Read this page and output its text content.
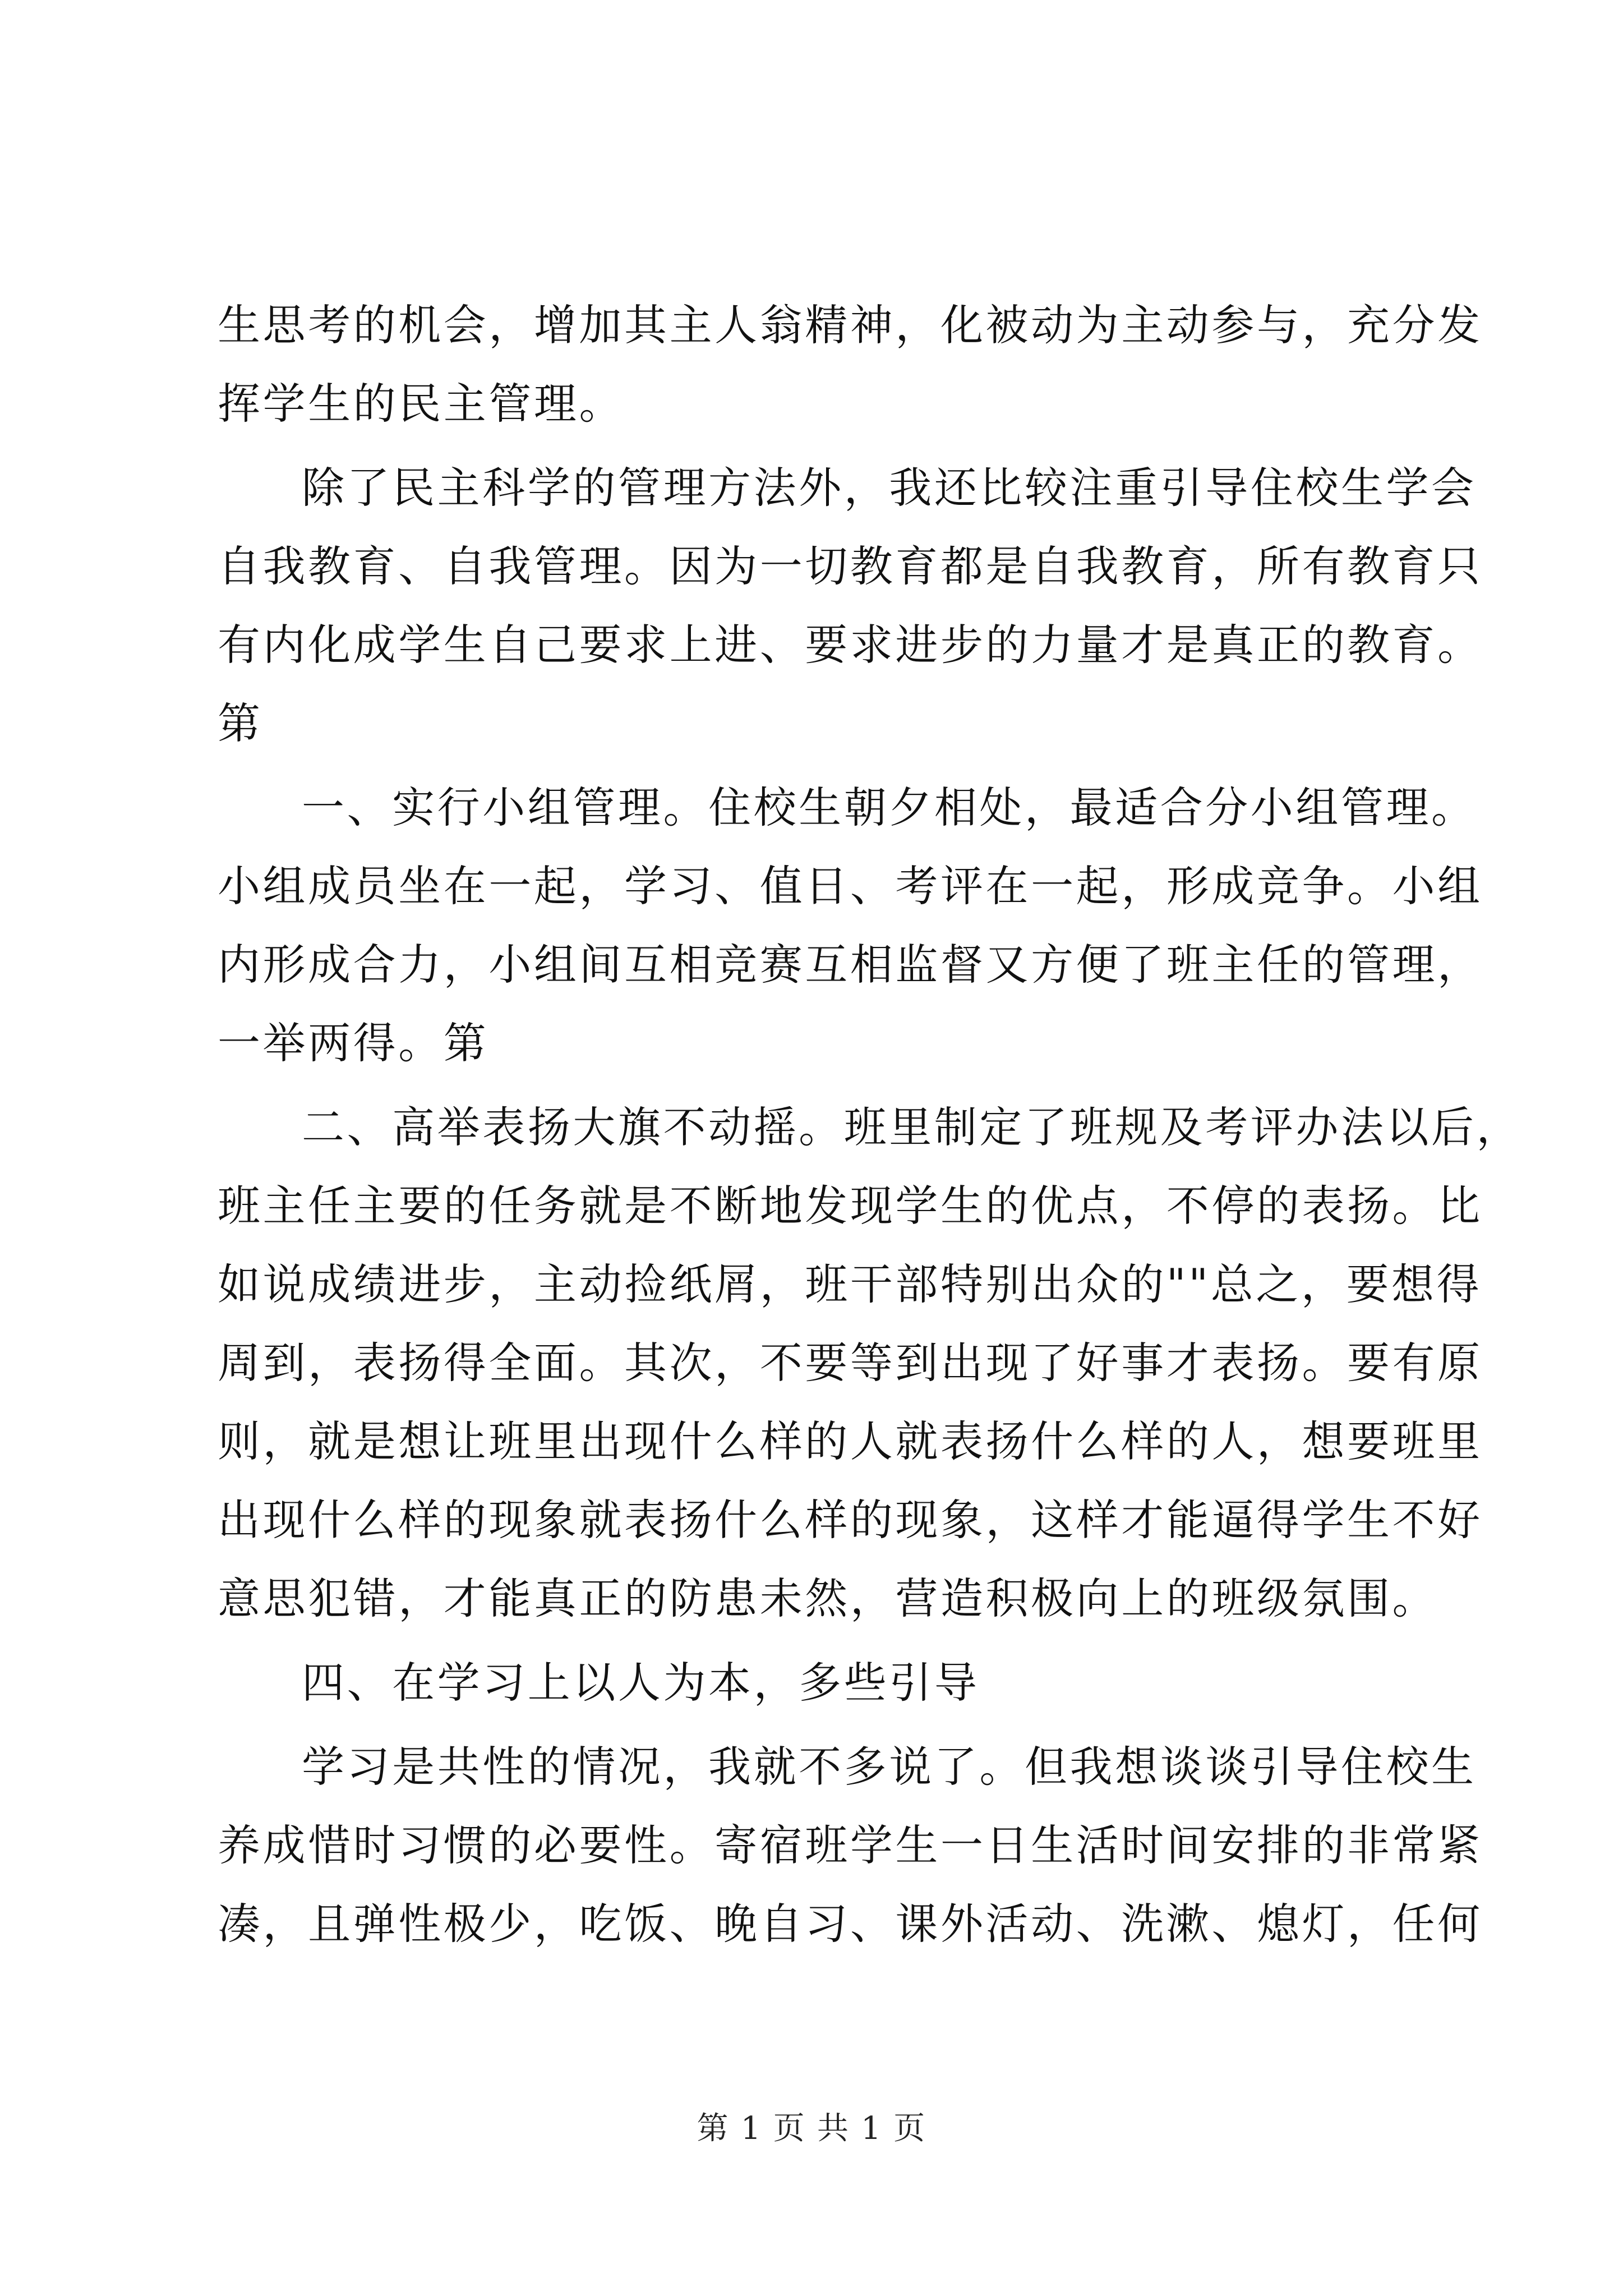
生思考的机会，增加其主人翁精神，化被动为主动参与，充分发
挥学生的民主管理。
除了民主科学的管理方法外，我还比较注重引导住校生学会
自我教育、自我管理。因为一切教育都是自我教育，所有教育只
有内化成学生自己要求上进、要求进步的力量才是真正的教育。
第
一、实行小组管理。住校生朝夕相处，最适合分小组管理。
小组成员坐在一起，学习、值日、考评在一起，形成竞争。小组
内形成合力，小组间互相竞赛互相监督又方便了班主任的管理，
一举两得。第
二、高举表扬大旗不动摇。班里制定了班规及考评办法以后，
班主任主要的任务就是不断地发现学生的优点，不停的表扬。比
如说成绩进步，主动捡纸屑，班干部特别出众的""总之，要想得
周到，表扬得全面。其次，不要等到出现了好事才表扬。要有原
则，就是想让班里出现什么样的人就表扬什么样的人，想要班里
出现什么样的现象就表扬什么样的现象，这样才能逼得学生不好
意思犯错，才能真正的防患未然，营造积极向上的班级氛围。
四、在学习上以人为本，多些引导
学习是共性的情况，我就不多说了。但我想谈谈引导住校生
养成惜时习惯的必要性。寄宿班学生一日生活时间安排的非常紧
凑，且弹性极少，吃饭、晚自习、课外活动、洗漱、熄灯，任何
第 1 页 共 1 页
